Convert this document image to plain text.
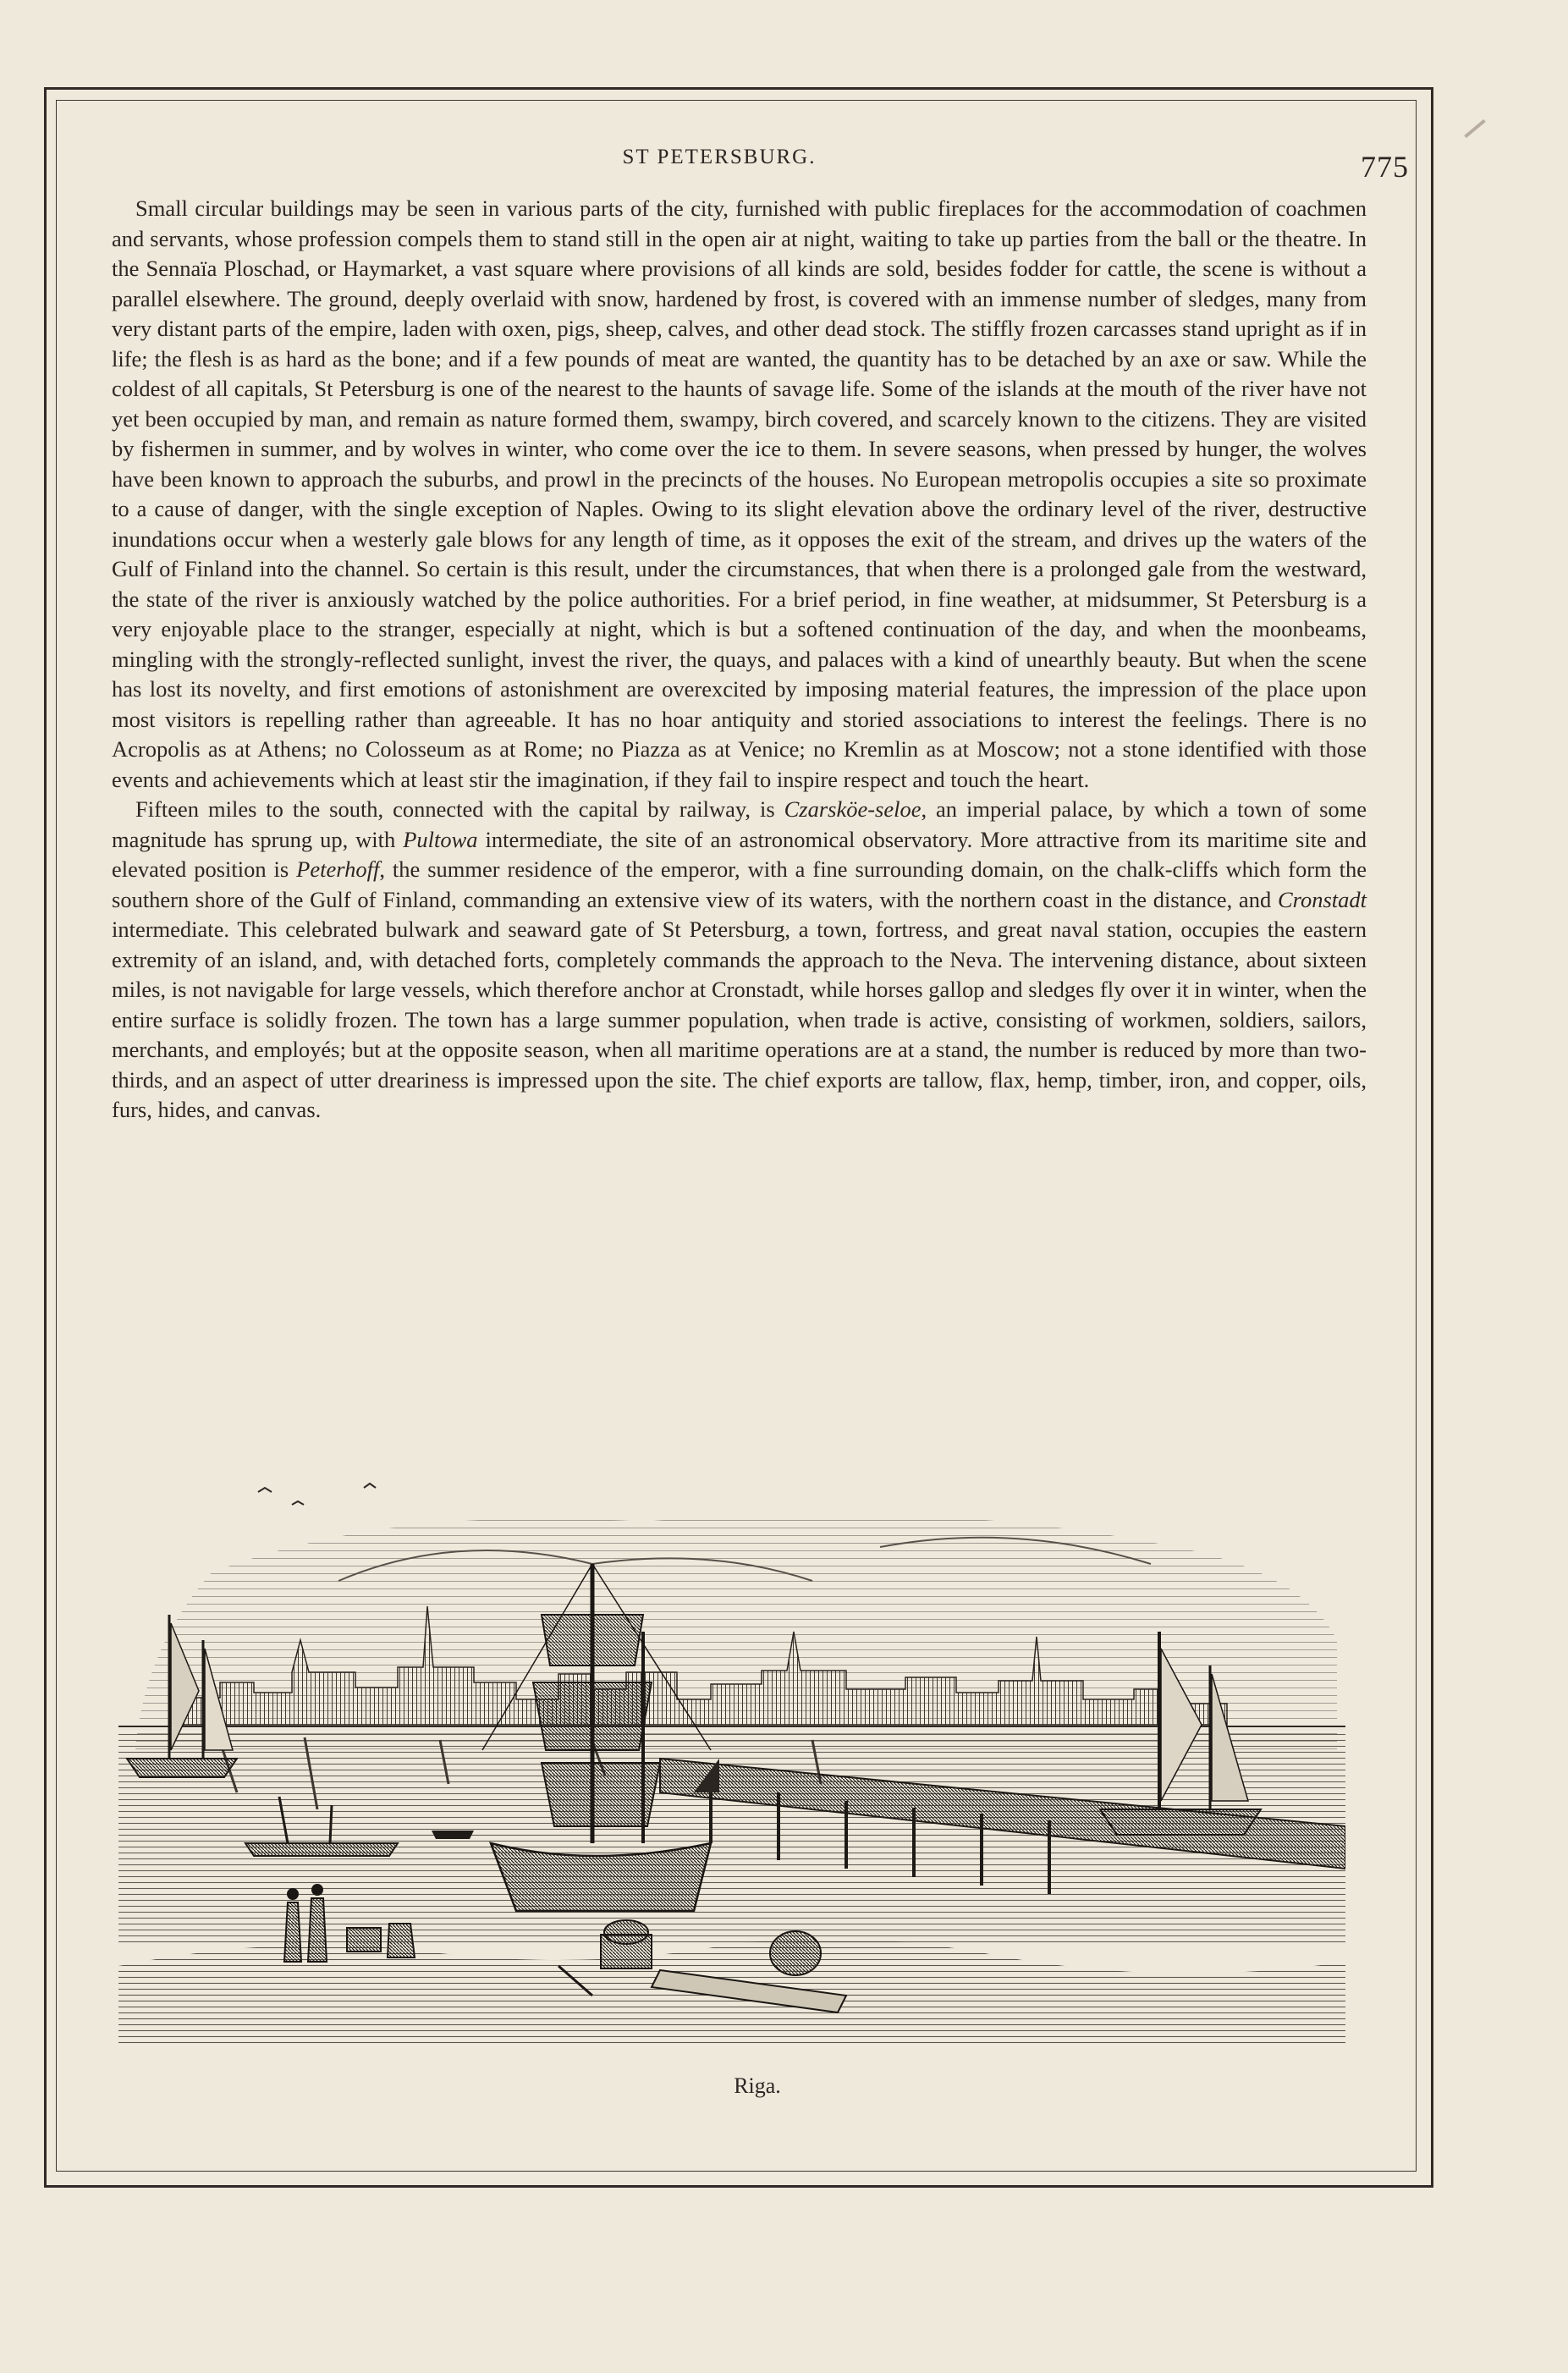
ST PETERSBURG.	775

Small circular buildings may be seen in various parts of the city, furnished with public fireplaces for the accommodation of coachmen and servants, whose profession compels them to stand still in the open air at night, waiting to take up parties from the ball or the theatre. In the Sennaïa Ploschad, or Haymarket, a vast square where provisions of all kinds are sold, besides fodder for cattle, the scene is without a parallel elsewhere. The ground, deeply overlaid with snow, hardened by frost, is covered with an immense number of sledges, many from very distant parts of the empire, laden with oxen, pigs, sheep, calves, and other dead stock. The stiffly frozen carcasses stand upright as if in life; the flesh is as hard as the bone; and if a few pounds of meat are wanted, the quantity has to be detached by an axe or saw. While the coldest of all capitals, St Petersburg is one of the nearest to the haunts of savage life. Some of the islands at the mouth of the river have not yet been occupied by man, and remain as nature formed them, swampy, birch covered, and scarcely known to the citizens. They are visited by fishermen in summer, and by wolves in winter, who come over the ice to them. In severe seasons, when pressed by hunger, the wolves have been known to approach the suburbs, and prowl in the precincts of the houses. No European metropolis occupies a site so proximate to a cause of danger, with the single exception of Naples. Owing to its slight elevation above the ordinary level of the river, destructive inundations occur when a westerly gale blows for any length of time, as it opposes the exit of the stream, and drives up the waters of the Gulf of Finland into the channel. So certain is this result, under the circumstances, that when there is a prolonged gale from the westward, the state of the river is anxiously watched by the police authorities. For a brief period, in fine weather, at midsummer, St Petersburg is a very enjoyable place to the stranger, especially at night, which is but a softened continuation of the day, and when the moonbeams, mingling with the strongly-reflected sunlight, invest the river, the quays, and palaces with a kind of unearthly beauty. But when the scene has lost its novelty, and first emotions of astonishment are overexcited by imposing material features, the impression of the place upon most visitors is repelling rather than agreeable. It has no hoar antiquity and storied associations to interest the feelings. There is no Acropolis as at Athens; no Colosseum as at Rome; no Piazza as at Venice; no Kremlin as at Moscow; not a stone identified with those events and achievements which at least stir the imagination, if they fail to inspire respect and touch the heart.

Fifteen miles to the south, connected with the capital by railway, is Czarsköe-seloe, an imperial palace, by which a town of some magnitude has sprung up, with Pultowa intermediate, the site of an astronomical observatory. More attractive from its maritime site and elevated position is Peterhoff, the summer residence of the emperor, with a fine surrounding domain, on the chalk-cliffs which form the southern shore of the Gulf of Finland, commanding an extensive view of its waters, with the northern coast in the distance, and Cronstadt intermediate. This celebrated bulwark and seaward gate of St Petersburg, a town, fortress, and great naval station, occupies the eastern extremity of an island, and, with detached forts, completely commands the approach to the Neva. The intervening distance, about sixteen miles, is not navigable for large vessels, which therefore anchor at Cronstadt, while horses gallop and sledges fly over it in winter, when the entire surface is solidly frozen. The town has a large summer population, when trade is active, consisting of workmen, soldiers, sailors, merchants, and employés; but at the opposite season, when all maritime operations are at a stand, the number is reduced by more than two-thirds, and an aspect of utter dreariness is impressed upon the site. The chief exports are tallow, flax, hemp, timber, iron, and copper, oils, furs, hides, and canvas.

Riga.
